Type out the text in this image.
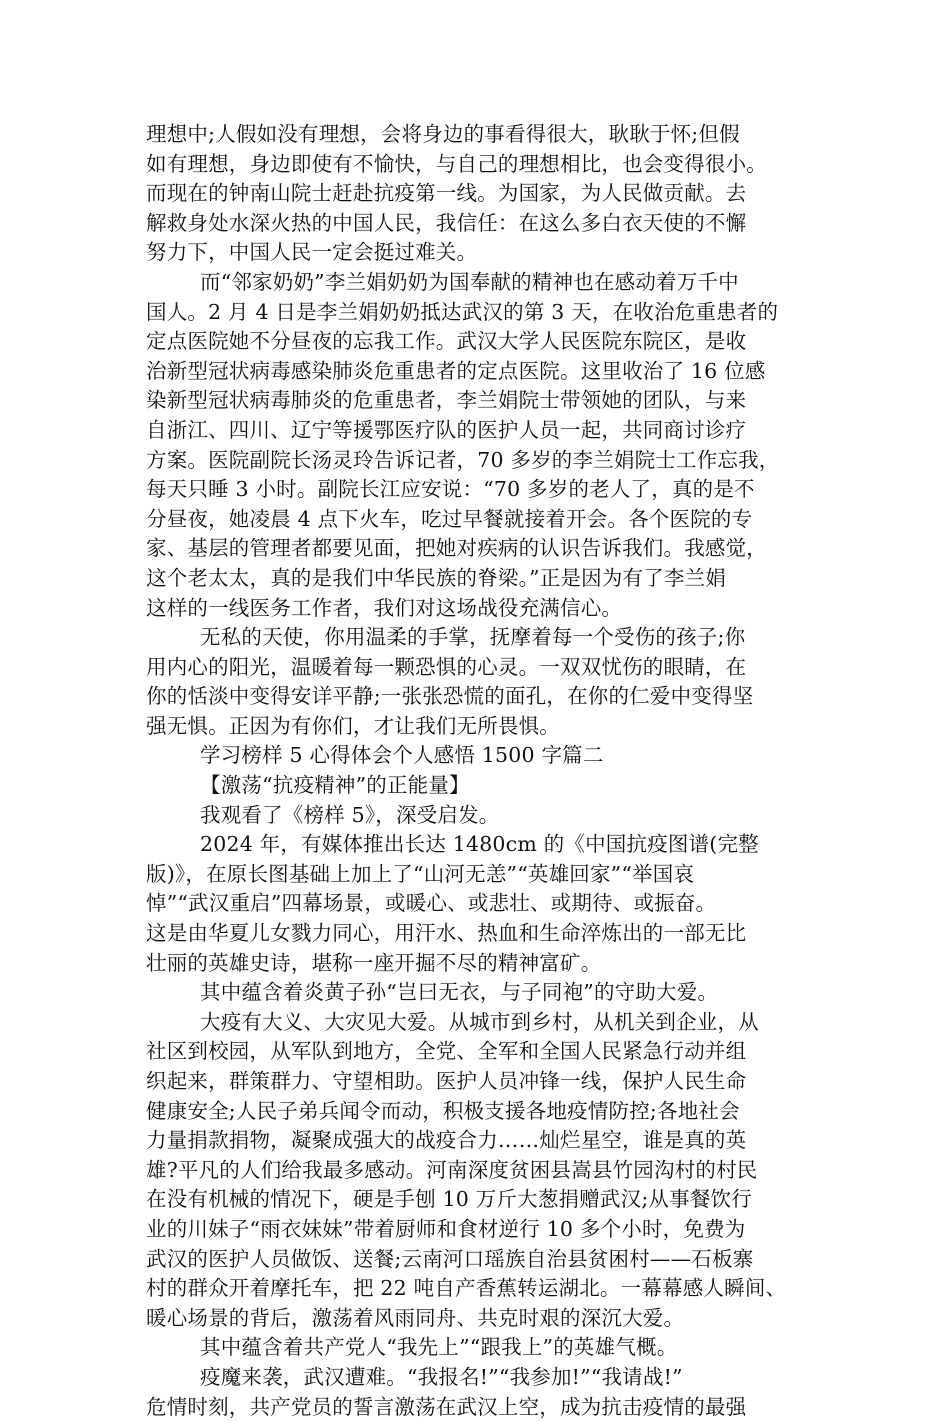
理想中;人假如没有理想，会将身边的事看得很大，耿耿于怀;但假
如有理想，身边即使有不愉快，与自己的理想相比，也会变得很小。
而现在的钟南山院士赶赴抗疫第一线。为国家，为人民做贡献。去
解救身处水深火热的中国人民，我信任：在这么多白衣天使的不懈
努力下，中国人民一定会挺过难关。
而“邻家奶奶”李兰娟奶奶为国奉献的精神也在感动着万千中
国人。2 月 4 日是李兰娟奶奶抵达武汉的第 3 天，在收治危重患者的
定点医院她不分昼夜的忘我工作。武汉大学人民医院东院区，是收
治新型冠状病毒感染肺炎危重患者的定点医院。这里收治了 16 位感
染新型冠状病毒肺炎的危重患者，李兰娟院士带领她的团队，与来
自浙江、四川、辽宁等援鄂医疗队的医护人员一起，共同商讨诊疗
方案。医院副院长汤灵玲告诉记者，70 多岁的李兰娟院士工作忘我，
每天只睡 3 小时。副院长江应安说：“70 多岁的老人了，真的是不
分昼夜，她凌晨 4 点下火车，吃过早餐就接着开会。各个医院的专
家、基层的管理者都要见面，把她对疾病的认识告诉我们。我感觉，
这个老太太，真的是我们中华民族的脊梁。”正是因为有了李兰娟
这样的一线医务工作者，我们对这场战役充满信心。
无私的天使，你用温柔的手掌，抚摩着每一个受伤的孩子;你
用内心的阳光，温暖着每一颗恐惧的心灵。一双双忧伤的眼睛，在
你的恬淡中变得安详平静;一张张恐慌的面孔，在你的仁爱中变得坚
强无惧。正因为有你们，才让我们无所畏惧。
学习榜样 5 心得体会个人感悟 1500 字篇二
【激荡“抗疫精神”的正能量】
我观看了《榜样 5》，深受启发。
2024 年，有媒体推出长达 1480cm 的《中国抗疫图谱(完整
版)》，在原长图基础上加上了“山河无恙”“英雄回家”“举国哀
悼”“武汉重启”四幕场景，或暖心、或悲壮、或期待、或振奋。
这是由华夏儿女戮力同心，用汗水、热血和生命淬炼出的一部无比
壮丽的英雄史诗，堪称一座开掘不尽的精神富矿。
其中蕴含着炎黄子孙“岂曰无衣，与子同袍”的守助大爱。
大疫有大义、大灾见大爱。从城市到乡村，从机关到企业，从
社区到校园，从军队到地方，全党、全军和全国人民紧急行动并组
织起来，群策群力、守望相助。医护人员冲锋一线，保护人民生命
健康安全;人民子弟兵闻令而动，积极支援各地疫情防控;各地社会
力量捐款捐物，凝聚成强大的战疫合力……灿烂星空，谁是真的英
雄?平凡的人们给我最多感动。河南深度贫困县嵩县竹园沟村的村民
在没有机械的情况下，硬是手刨 10 万斤大葱捐赠武汉;从事餐饮行
业的川妹子“雨衣妹妹”带着厨师和食材逆行 10 多个小时，免费为
武汉的医护人员做饭、送餐;云南河口瑶族自治县贫困村——石板寨
村的群众开着摩托车，把 22 吨自产香蕉转运湖北。一幕幕感人瞬间、
暖心场景的背后，激荡着风雨同舟、共克时艰的深沉大爱。
其中蕴含着共产党人“我先上”“跟我上”的英雄气概。
疫魔来袭，武汉遭难。“我报名!”“我参加!”“我请战!”
危情时刻，共产党员的誓言激荡在武汉上空，成为抗击疫情的最强
